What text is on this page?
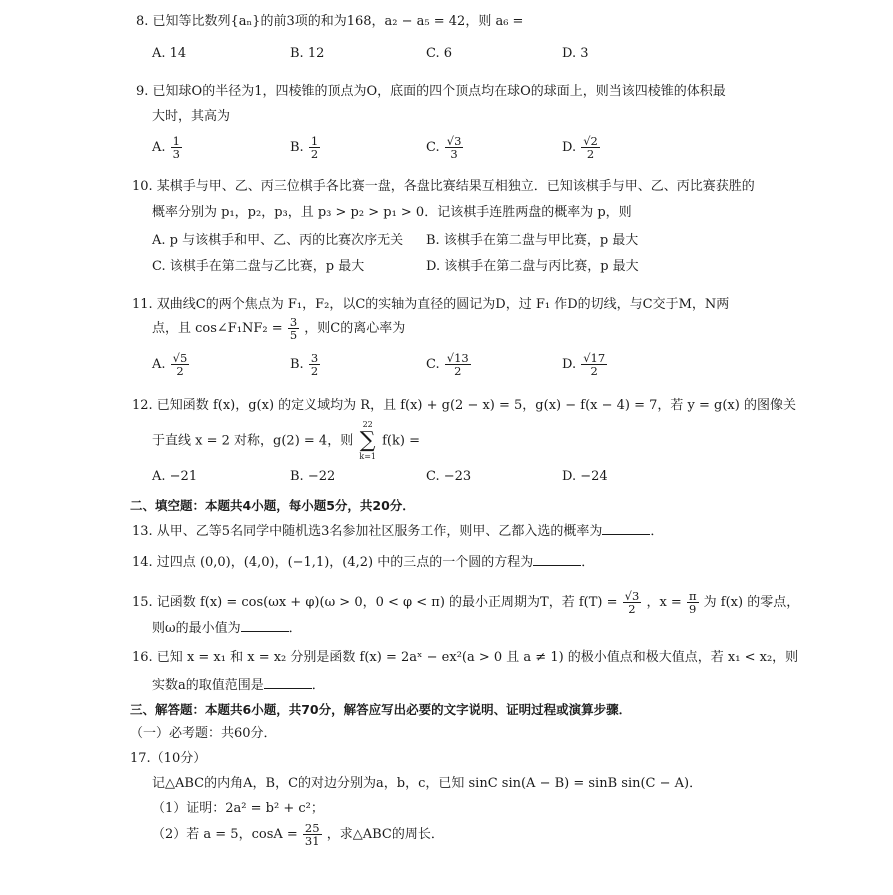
8. 已知等比数列{aₙ}的前3项的和为168，a₂ − a₅ = 42，则 a₆ =
A. 14	B. 12	C. 6	D. 3
9. 已知球O的半径为1，四棱锥的顶点为O，底面的四个顶点均在球O的球面上，则当该四棱锥的体积最
大时，其高为
A. $\frac{1}{3}$	B. $\frac{1}{2}$	C. $\frac{√3}{3}$	D. $\frac{√2}{2}$
10. 某棋手与甲、乙、丙三位棋手各比赛一盘，各盘比赛结果互相独立．已知该棋手与甲、乙、丙比赛获胜的
概率分别为 p₁，p₂，p₃，且 p₃ > p₂ > p₁ > 0．记该棋手连胜两盘的概率为 p，则
A. p 与该棋手和甲、乙、丙的比赛次序无关 B. 该棋手在第二盘与甲比赛，p 最大
C. 该棋手在第二盘与乙比赛，p 最大	D. 该棋手在第二盘与丙比赛，p 最大
11. 双曲线C的两个焦点为 F₁，F₂，以C的实轴为直径的圆记为D，过 F₁ 作D的切线，与C交于M，N两
点，且 cos∠F₁NF₂ = $\frac{3}{5}$ ，则C的离心率为
A. $\frac{√5}{2}$	B. $\frac{3}{2}$	C. $\frac{√13}{2}$	D. $\frac{√17}{2}$
12. 已知函数 f(x)，g(x) 的定义域均为 R，且 f(x) + g(2 − x) = 5，g(x) − f(x − 4) = 7，若 y = g(x) 的图像关
于直线 x = 2 对称，g(2) = 4，则
22
∑
k=1
f(k) =
A. −21	B. −22	C. −23	D. −24
二、填空题：本题共4小题，每小题5分，共20分．
13. 从甲、乙等5名同学中随机选3名参加社区服务工作，则甲、乙都入选的概率为	．
14. 过四点 (0,0)，(4,0)，(−1,1)，(4,2) 中的三点的一个圆的方程为	．
15. 记函数 f(x) = cos(ωx + φ)(ω > 0，0 < φ < π) 的最小正周期为T，若 $f(T) = \frac{√3}{2}$ ，$x = \frac{\pi}{9}$ 为 f(x) 的零点，
则ω的最小值为	．
16. 已知 x = x₁ 和 x = x₂ 分别是函数 f(x) = 2aˣ − ex²(a > 0 且 a ≠ 1) 的极小值点和极大值点，若 x₁ < x₂，则
实数a的取值范围是	．
三、解答题：本题共6小题，共70分，解答应写出必要的文字说明、证明过程或演算步骤．
（一）必考题：共60分．
17.（10分）
记△ABC的内角A，B，C的对边分别为a，b，c，已知 sinC sin(A − B) = sinB sin(C − A)．
（1）证明：2a² = b² + c²；
（2）若 a = 5，$\cos A = \frac{25}{31}$ ，求△ABC的周长．
